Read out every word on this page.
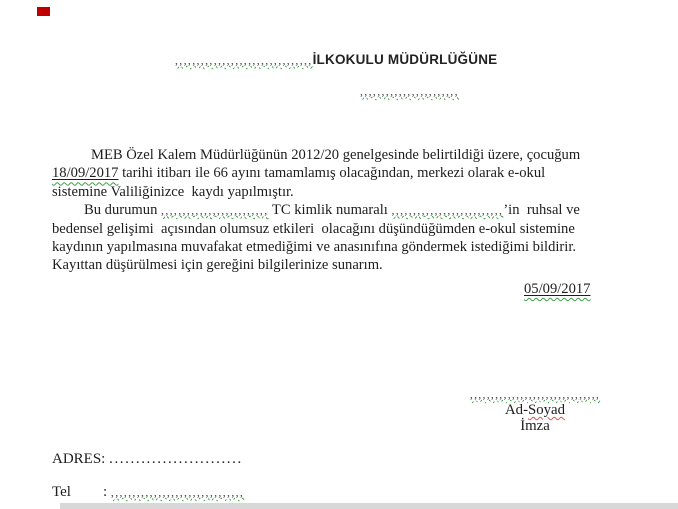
,,,,,,,,,,,,,,,,,,,,,,,,,,,,,,,,İLKOKULU MÜDÜRLÜĞÜNE
,,,,,,,,,,,,,,,,,,,,,,,
MEB Özel Kalem Müdürlüğünün 2012/20 genelgesinde belirtildiği üzere, çocuğum
18/09/2017 tarihi itibarı ile 66 ayını tamamlamış olacağından, merkezi olarak e-okul
sistemine Valiliğinizce  kaydı yapılmıştır.
Bu durumun ,,,,,,,,,,,,,,,,,,,,,,,,, TC kimlik numaralı ,,,,,,,,,,,,,,,,,,,,,,,,,,’in  ruhsal ve
bedensel gelişimi  açısından olumsuz etkileri  olacağını düşündüğümden e-okul sistemine
kaydının yapılmasına muvafakat etmediğimi ve anasınıfına göndermek istediğimi bildirir.
Kayıttan düşürülmesi için gereğini bilgilerinize sunarım.
05/09/2017
,,,,,,,,,,,,,,,,,,,,,,,,,,,,,,,
Ad-Soyad
İmza
ADRES: .........................
Tel : ,,,,,,,,,,,,,,,,,,,,,,,,,,,,,,,
